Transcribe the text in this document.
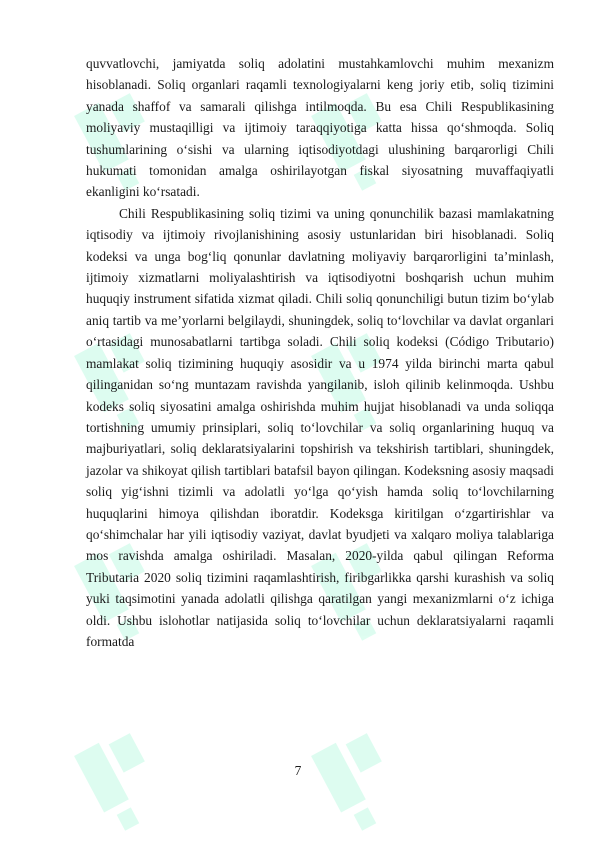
quvvatlovchi, jamiyatda soliq adolatini mustahkamlovchi muhim mexanizm hisoblanadi. Soliq organlari raqamli texnologiyalarni keng joriy etib, soliq tizimini yanada shaffof va samarali qilishga intilmoqda. Bu esa Chili Respublikasining moliyaviy mustaqilligi va ijtimoiy taraqqiyotiga katta hissa qo‘shmoqda. Soliq tushumlarining o‘sishi va ularning iqtisodiyotdagi ulushining barqarorligi Chili hukumati tomonidan amalga oshirilayotgan fiskal siyosatning muvaffaqiyatli ekanligini ko‘rsatadi.

Chili Respublikasining soliq tizimi va uning qonunchilik bazasi mamlakatning iqtisodiy va ijtimoiy rivojlanishining asosiy ustunlaridan biri hisoblanadi. Soliq kodeksi va unga bog‘liq qonunlar davlatning moliyaviy barqarorligini ta’minlash, ijtimoiy xizmatlarni moliyalashtirish va iqtisodiyotni boshqarish uchun muhim huquqiy instrument sifatida xizmat qiladi. Chili soliq qonunchiligi butun tizim bo‘ylab aniq tartib va me’yorlarni belgilaydi, shuningdek, soliq to‘lovchilar va davlat organlari o‘rtasidagi munosabatlarni tartibga soladi. Chili soliq kodeksi (Código Tributario) mamlakat soliq tizimining huquqiy asosidir va u 1974 yilda birinchi marta qabul qilinganidan so‘ng muntazam ravishda yangilanib, isloh qilinib kelinmoqda. Ushbu kodeks soliq siyosatini amalga oshirishda muhim hujjat hisoblanadi va unda soliqqa tortishning umumiy prinsiplari, soliq to‘lovchilar va soliq organlarining huquq va majburiyatlari, soliq deklaratsiyalarini topshirish va tekshirish tartiblari, shuningdek, jazolar va shikoyat qilish tartiblari batafsil bayon qilingan. Kodeksning asosiy maqsadi soliq yig‘ishni tizimli va adolatli yo‘lga qo‘yish hamda soliq to‘lovchilarning huquqlarini himoya qilishdan iboratdir. Kodeksga kiritilgan o‘zgartirishlar va qo‘shimchalar har yili iqtisodiy vaziyat, davlat byudjeti va xalqaro moliya talablariga mos ravishda amalga oshiriladi. Masalan, 2020-yilda qabul qilingan Reforma Tributaria 2020 soliq tizimini raqamlashtirish, firibgarlikka qarshi kurashish va soliq yuki taqsimotini yanada adolatli qilishga qaratilgan yangi mexanizmlarni o‘z ichiga oldi. Ushbu islohotlar natijasida soliq to‘lovchilar uchun deklaratsiyalarni raqamli formatda

7
